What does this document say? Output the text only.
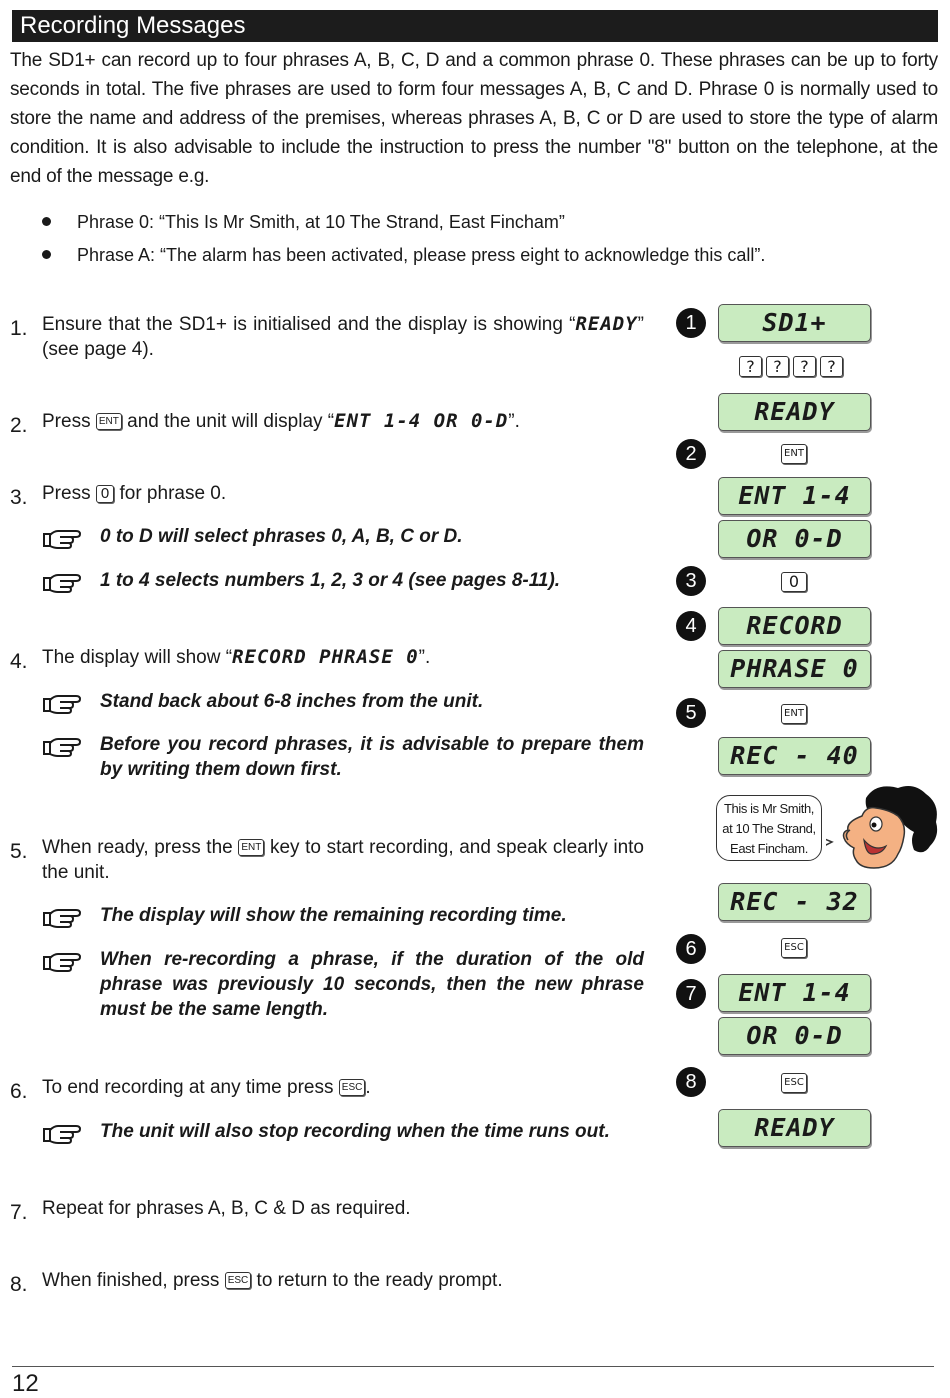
Recording Messages
The SD1+ can record up to four phrases A, B, C, D and a common phrase 0. These phrases can be up to forty seconds in total. The five phrases are used to form four messages A, B, C and D. Phrase 0 is normally used to store the name and address of the premises, whereas phrases A, B, C or D are used to store the type of alarm condition. It is also advisable to include the instruction to press the number "8" button on the telephone, at the end of the message e.g.
Phrase 0: “This Is Mr Smith, at 10 The Strand, East Fincham”
Phrase A: “The alarm has been activated, please press eight to acknowledge this call”.
1. Ensure that the SD1+ is initialised and the display is showing “READY” (see page 4).
2. Press ENT and the unit will display “ENT 1-4 OR 0-D”.
3. Press 0 for phrase 0.
0 to D will select phrases 0, A, B, C or D.
1 to 4 selects numbers 1, 2, 3 or 4 (see pages 8-11).
4. The display will show “RECORD PHRASE 0”.
Stand back about 6-8 inches from the unit.
Before you record phrases, it is advisable to prepare them by writing them down first.
5. When ready, press the ENT key to start recording, and speak clearly into the unit.
The display will show the remaining recording time.
When re-recording a phrase, if the duration of the old phrase was previously 10 seconds, then the new phrase must be the same length.
6. To end recording at any time press ESC .
The unit will also stop recording when the time runs out.
7. Repeat for phrases A, B, C & D as required.
8. When finished, press ESC to return to the ready prompt.
1	SD1+
?	?	?	?
READY
2	ENT
ENT 1-4
OR 0-D
3	0
4	RECORD
PHRASE 0
5	ENT
REC - 40
This is Mr Smith,
at 10 The Strand,
East Fincham.
REC - 32
6	ESC
7	ENT 1-4
OR 0-D
8	ESC
READY
12
